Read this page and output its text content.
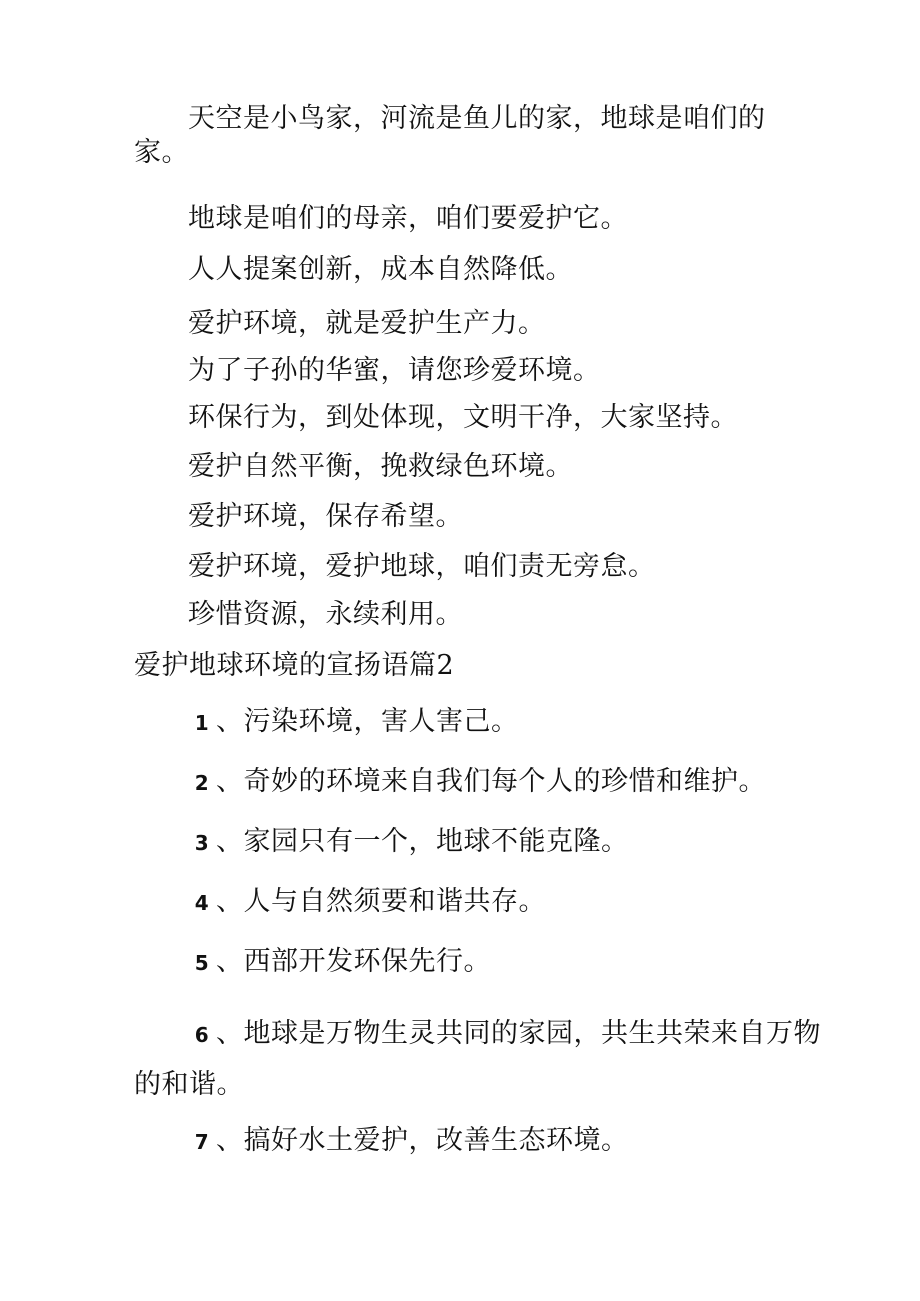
天空是小鸟家，河流是鱼儿的家，地球是咱们的

家。

地球是咱们的母亲，咱们要爱护它。

人人提案创新，成本自然降低。

爱护环境，就是爱护生产力。

为了子孙的华蜜，请您珍爱环境。

环保行为，到处体现，文明干净，大家坚持。

爱护自然平衡，挽救绿色环境。

爱护环境，保存希望。

爱护环境，爱护地球，咱们责无旁怠。

珍惜资源，永续利用。

爱护地球环境的宣扬语篇2

1 、污染环境，害人害己。

2 、奇妙的环境来自我们每个人的珍惜和维护。

3 、家园只有一个，地球不能克隆。

4 、人与自然须要和谐共存。

5 、西部开发环保先行。

6 、地球是万物生灵共同的家园，共生共荣来自万物

的和谐。

7 、搞好水土爱护，改善生态环境。
